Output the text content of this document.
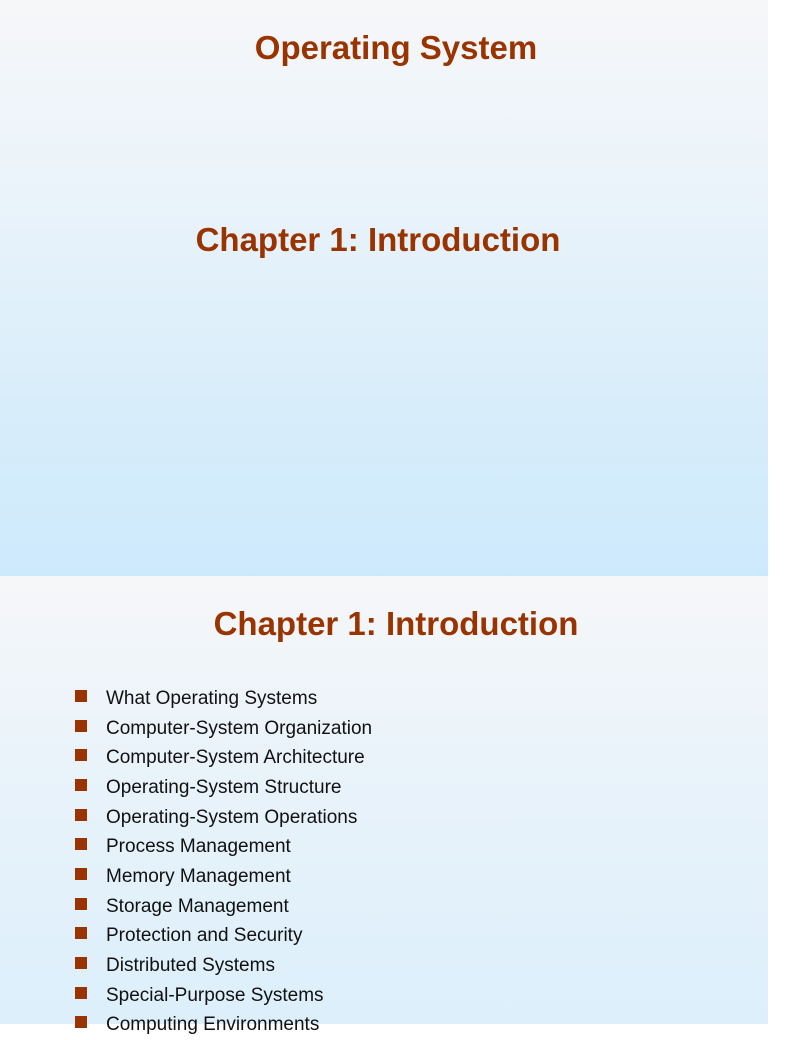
Operating System
Chapter 1: Introduction
Chapter 1: Introduction
What Operating Systems
Computer-System Organization
Computer-System Architecture
Operating-System Structure
Operating-System Operations
Process Management
Memory Management
Storage Management
Protection and Security
Distributed Systems
Special-Purpose Systems
Computing Environments
